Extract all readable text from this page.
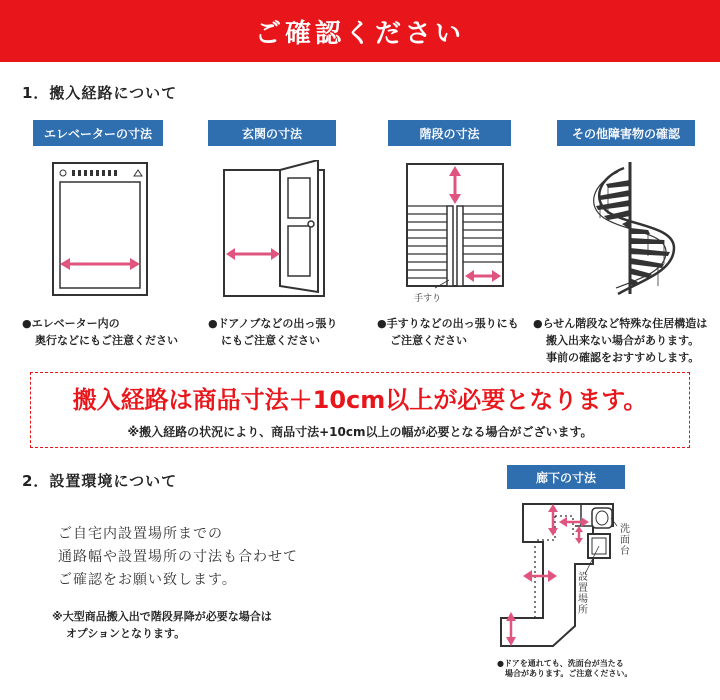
ご確認ください
1．搬入経路について
エレベーターの寸法	玄関の寸法	階段の寸法	その他障害物の確認
手すり
●エレベーター内の
奥行などにもご注意ください
●ドアノブなどの出っ張り
にもご注意ください
●手すりなどの出っ張りにも
ご注意ください
●らせん階段など特殊な住居構造は
搬入出来ない場合があります。
事前の確認をおすすめします。
搬入経路は商品寸法＋10cm以上が必要となります。
※搬入経路の状況により、商品寸法+10cm以上の幅が必要となる場合がございます。
2．設置環境について
ご自宅内設置場所までの
通路幅や設置場所の寸法も合わせて
ご確認をお願い致します。
※大型商品搬入出で階段昇降が必要な場合は
オプションとなります。
廊下の寸法
洗面台
設置場所
●ドアを通れても、洗面台が当たる
場合があります。ご注意ください。
